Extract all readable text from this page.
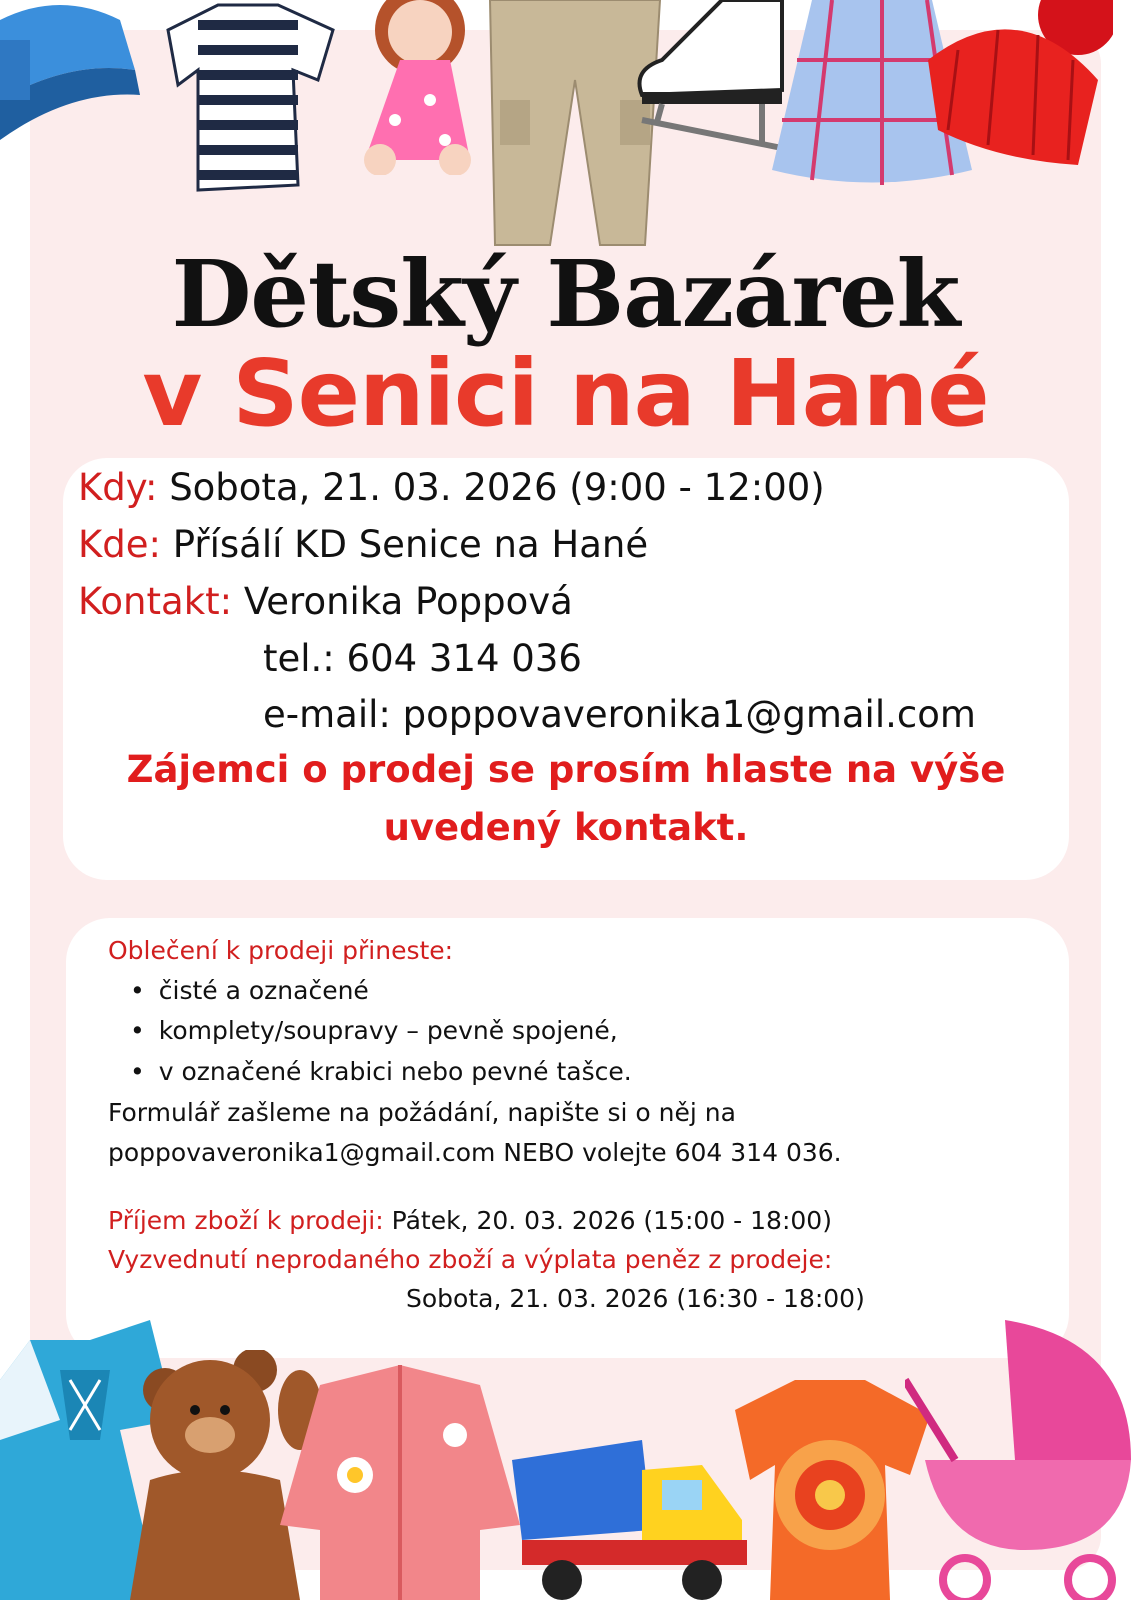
Dětský Bazárek
v Senici na Hané
Kdy: Sobota, 21. 03. 2026 (9:00 - 12:00)
Kde: Přísálí KD Senice na Hané
Kontakt: Veronika Poppová
tel.: 604 314 036
e-mail: poppovaveronika1@gmail.com
Zájemci o prodej se prosím hlaste na výše
uvedený kontakt.
Oblečení k prodeji přineste:
• čisté a označené
• komplety/soupravy – pevně spojené,
• v označené krabici nebo pevné tašce.
Formulář zašleme na požádání, napište si o něj na
poppovaveronika1@gmail.com NEBO volejte 604 314 036.
Příjem zboží k prodeji: Pátek, 20. 03. 2026 (15:00 - 18:00)
Vyzvednutí neprodaného zboží a výplata peněz z prodeje:
Sobota, 21. 03. 2026 (16:30 - 18:00)
